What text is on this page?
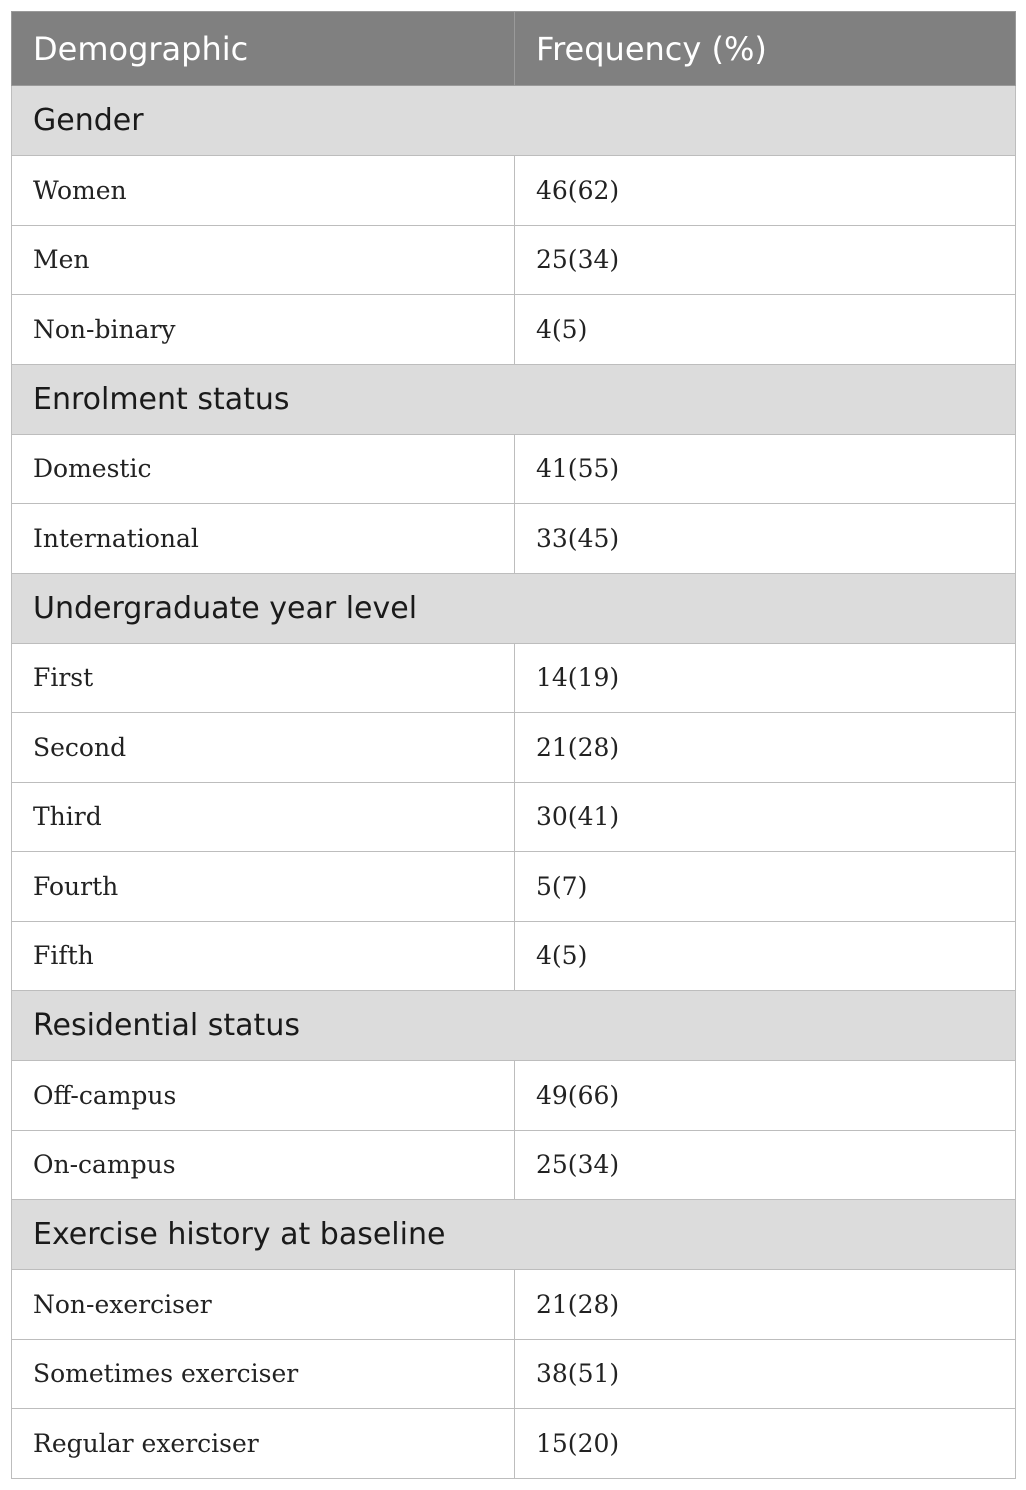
Demographic	Frequency (%)
Gender	
Women	46(62)
Men	25(34)
Non-binary	4(5)
Enrolment status	
Domestic	41(55)
International	33(45)
Undergraduate year level	
First	14(19)
Second	21(28)
Third	30(41)
Fourth	5(7)
Fifth	4(5)
Residential status	
Off-campus	49(66)
On-campus	25(34)
Exercise history at baseline	
Non-exerciser	21(28)
Sometimes exerciser	38(51)
Regular exerciser	15(20)
